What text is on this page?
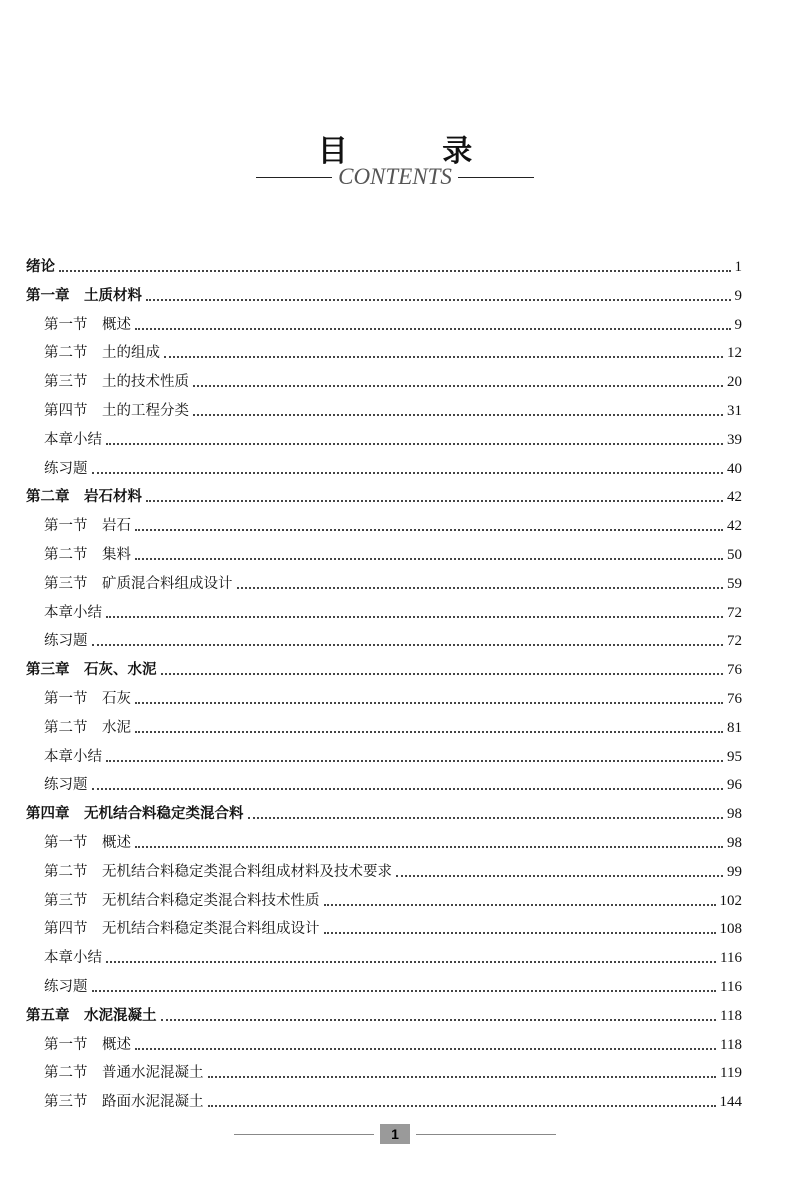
目 录
CONTENTS
绪论	1
第一章　土质材料	9
第一节　概述	9
第二节　土的组成	12
第三节　土的技术性质	20
第四节　土的工程分类	31
本章小结	39
练习题	40
第二章　岩石材料	42
第一节　岩石	42
第二节　集料	50
第三节　矿质混合料组成设计	59
本章小结	72
练习题	72
第三章　石灰、水泥	76
第一节　石灰	76
第二节　水泥	81
本章小结	95
练习题	96
第四章　无机结合料稳定类混合料	98
第一节　概述	98
第二节　无机结合料稳定类混合料组成材料及技术要求	99
第三节　无机结合料稳定类混合料技术性质	102
第四节　无机结合料稳定类混合料组成设计	108
本章小结	116
练习题	116
第五章　水泥混凝土	118
第一节　概述	118
第二节　普通水泥混凝土	119
第三节　路面水泥混凝土	144
1
